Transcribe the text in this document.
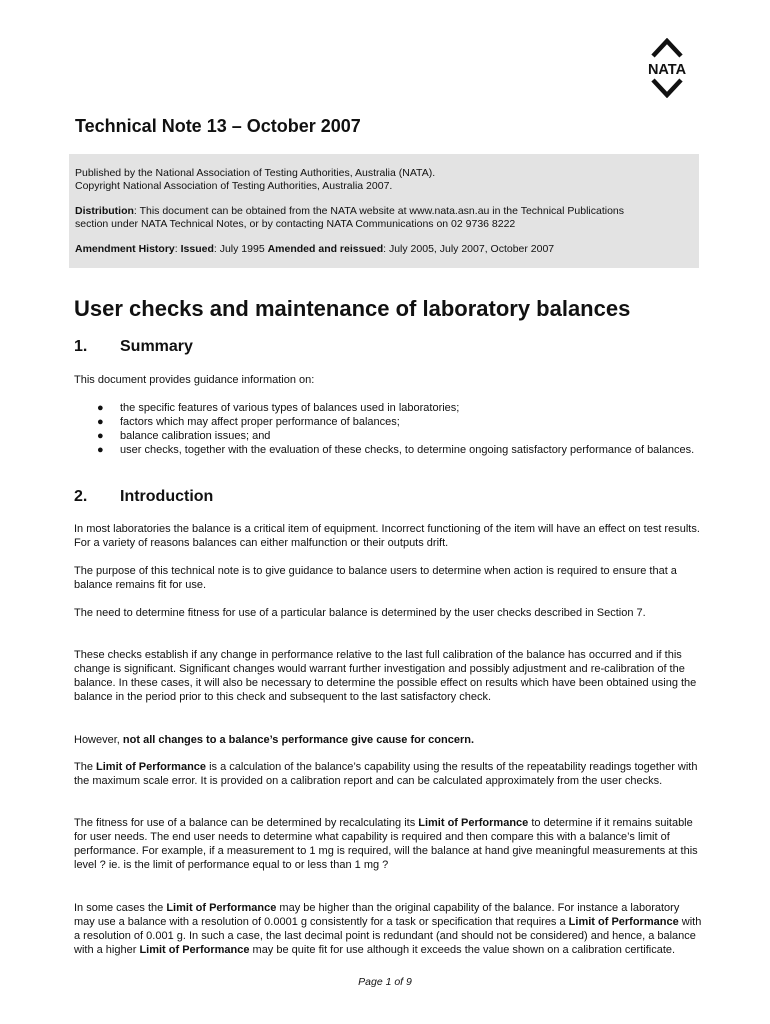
NATA
Technical Note 13 – October 2007

Published by the National Association of Testing Authorities, Australia (NATA).

Copyright National Association of Testing Authorities, Australia 2007.

Distribution: This document can be obtained from the NATA website at www.nata.asn.au in the Technical Publications
section under NATA Technical Notes, or by contacting NATA Communications on 02 9736 8222

Amendment History: Issued: July 1995 Amended and reissued: July 2005, July 2007, October 2007

User checks and maintenance of laboratory balances
1. Summary

This document provides guidance information on:

● the specific features of various types of balances used in laboratories;
● factors which may affect proper performance of balances;
● balance calibration issues; and
● user checks, together with the evaluation of these checks, to determine ongoing satisfactory performance of balances.
2. Introduction

In most laboratories the balance is a critical item of equipment. Incorrect functioning of the item will have an effect on test results. For a variety of reasons balances can either malfunction or their outputs drift.

The purpose of this technical note is to give guidance to balance users to determine when action is required to ensure that a balance remains fit for use.

The need to determine fitness for use of a particular balance is determined by the user checks described in Section 7.

These checks establish if any change in performance relative to the last full calibration of the balance has occurred and if this change is significant. Significant changes would warrant further investigation and possibly adjustment and re-calibration of the balance. In these cases, it will also be necessary to determine the possible effect on results which have been obtained using the balance in the period prior to this check and subsequent to the last satisfactory check.

However, not all changes to a balance’s performance give cause for concern.

The Limit of Performance is a calculation of the balance’s capability using the results of the repeatability readings together with the maximum scale error. It is provided on a calibration report and can be calculated approximately from the user checks.

The fitness for use of a balance can be determined by recalculating its Limit of Performance to determine if it remains suitable for user needs. The end user needs to determine what capability is required and then compare this with a balance’s limit of performance. For example, if a measurement to 1 mg is required, will the balance at hand give meaningful measurements at this level ? ie. is the limit of performance equal to or less than 1 mg ?

In some cases the Limit of Performance may be higher than the original capability of the balance. For instance a laboratory may use a balance with a resolution of 0.0001 g consistently for a task or specification that requires a Limit of Performance with a resolution of 0.001 g. In such a case, the last decimal point is redundant (and should not be considered) and hence, a balance with a higher Limit of Performance may be quite fit for use although it exceeds the value shown on a calibration certificate.

Page 1 of 9
